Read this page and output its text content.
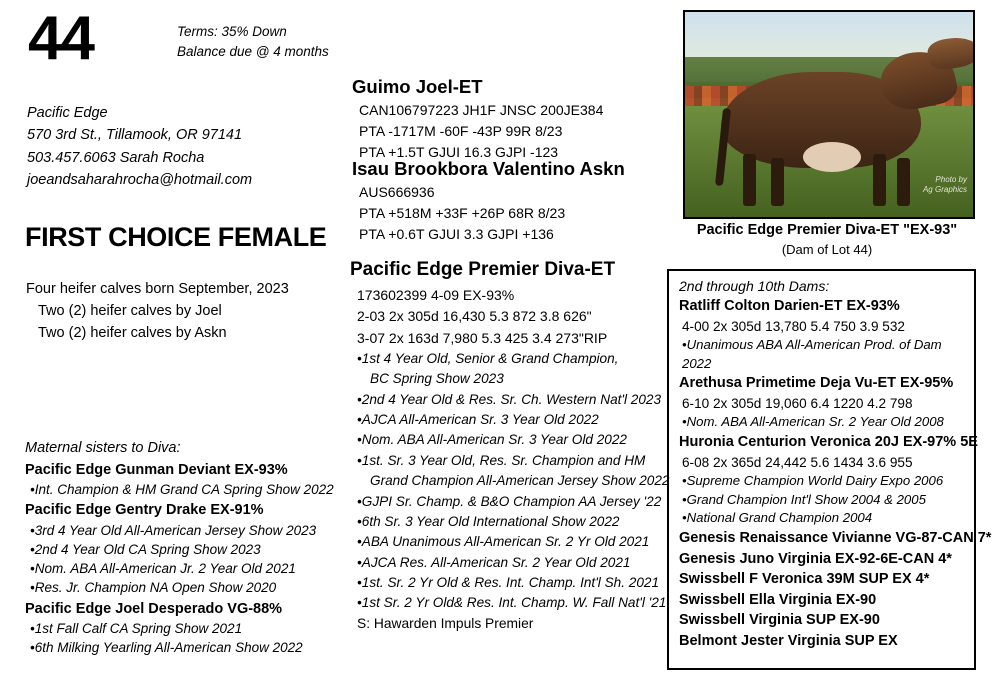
44	Terms: 35% Down
Balance due @ 4 months
Pacific Edge
570 3rd St., Tillamook, OR 97141
503.457.6063 Sarah Rocha
joeandsaharahrocha@hotmail.com
FIRST CHOICE FEMALE
Four heifer calves born September, 2023
Two (2) heifer calves by Joel
Two (2) heifer calves by Askn
Maternal sisters to Diva:
Pacific Edge Gunman Deviant EX-93%
•Int. Champion & HM Grand CA Spring Show 2022
Pacific Edge Gentry Drake EX-91%
•3rd 4 Year Old All-American Jersey Show 2023
•2nd 4 Year Old CA Spring Show 2023
•Nom. ABA All-American Jr. 2 Year Old 2021
•Res. Jr. Champion NA Open Show 2020
Pacific Edge Joel Desperado VG-88%
•1st Fall Calf CA Spring Show 2021
•6th Milking Yearling All-American Show 2022
Guimo Joel-ET
CAN106797223 JH1F JNSC 200JE384
PTA -1717M -60F -43P 99R 8/23
PTA +1.5T GJUI 16.3 GJPI -123
Isau Brookbora Valentino Askn
AUS666936
PTA +518M +33F +26P 68R 8/23
PTA +0.6T GJUI 3.3 GJPI +136
Pacific Edge Premier Diva-ET
173602399 4-09 EX-93%
2-03 2x 305d 16,430 5.3 872 3.8 626"
3-07 2x 163d 7,980 5.3 425 3.4 273"RIP
•1st 4 Year Old, Senior & Grand Champion,
BC Spring Show 2023
•2nd 4 Year Old & Res. Sr. Ch. Western Nat'l 2023
•AJCA All-American Sr. 3 Year Old 2022
•Nom. ABA All-American Sr. 3 Year Old 2022
•1st. Sr. 3 Year Old, Res. Sr. Champion and HM
Grand Champion All-American Jersey Show 2022
•GJPI Sr. Champ. & B&O Champion AA Jersey '22
•6th Sr. 3 Year Old International Show 2022
•ABA Unanimous All-American Sr. 2 Yr Old 2021
•AJCA Res. All-American Sr. 2 Year Old 2021
•1st. Sr. 2 Yr Old & Res. Int. Champ. Int'l Sh. 2021
•1st Sr. 2 Yr Old& Res. Int. Champ. W. Fall Nat'l '21
S: Hawarden Impuls Premier
Photo by
Ag Graphics
Pacific Edge Premier Diva-ET "EX-93"
(Dam of Lot 44)
2nd through 10th Dams:
Ratliff Colton Darien-ET EX-93%
4-00 2x 305d 13,780 5.4 750 3.9 532
•Unanimous ABA All-American Prod. of Dam 2022
Arethusa Primetime Deja Vu-ET EX-95%
6-10 2x 305d 19,060 6.4 1220 4.2 798
•Nom. ABA All-American Sr. 2 Year Old 2008
Huronia Centurion Veronica 20J EX-97% 5E
6-08 2x 365d 24,442 5.6 1434 3.6 955
•Supreme Champion World Dairy Expo 2006
•Grand Champion Int'l Show 2004 & 2005
•National Grand Champion 2004
Genesis Renaissance Vivianne VG-87-CAN 7*
Genesis Juno Virginia EX-92-6E-CAN 4*
Swissbell F Veronica 39M SUP EX 4*
Swissbell Ella Virginia EX-90
Swissbell Virginia SUP EX-90
Belmont Jester Virginia SUP EX
